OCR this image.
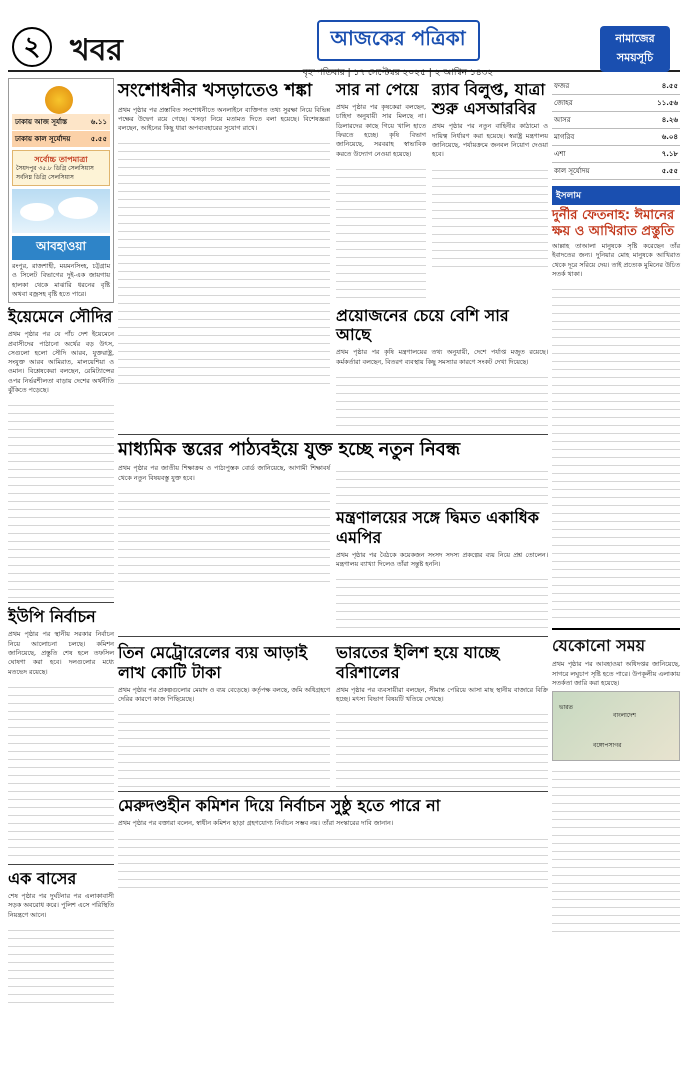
২ খবর	আজকের পত্রিকা
বৃহস্পতিবার | ১৭ সেপ্টেম্বর ২০২৫ | ২ আশ্বিন ১৪৩২
নামাজের সময়সূচি
ঢাকায় আজ সূর্যাস্ত	৬.১১
ঢাকায় কাল সূর্যোদয়	৫.৫৫
সর্বোচ্চ তাপমাত্রা
সৈয়দপুর ৩৫.৮ ডিগ্রি সেলসিয়াস
সর্বনিম্ন ডিগ্রি সেলসিয়াস
আবহাওয়া
রংপুর, রাজশাহী, ময়মনসিংহ, চট্টগ্রাম ও সিলেট বিভাগের দুই-এক জায়গায় হালকা থেকে মাঝারি ধরনের বৃষ্টি অথবা বজ্রসহ বৃষ্টি হতে পারে।
ইয়েমেনে সৌদির
প্রথম পৃষ্ঠার পর যে পাঁচ দেশ ইয়েমেনে প্রবাসীদের পাঠানো অর্থের বড় উৎস, সেগুলো হলো সৌদি আরব, যুক্তরাষ্ট্র, সংযুক্ত আরব আমিরাত, মালয়েশিয়া ও ওমান। বিশ্লেষকেরা বলছেন, রেমিট্যান্সের ওপর নির্ভরশীলতা বাড়ায় দেশের অর্থনীতি ঝুঁকিতে পড়েছে।
ইউপি নির্বাচন
প্রথম পৃষ্ঠার পর স্থানীয় সরকার নির্বাচন নিয়ে আলোচনা চলছে। কমিশন জানিয়েছে, প্রস্তুতি শেষ হলে তফসিল ঘোষণা করা হবে। দলগুলোর মধ্যে মতভেদ রয়েছে।
এক বাসের
শেষ পৃষ্ঠার পর দুর্ঘটনার পর এলাকাবাসী সড়ক অবরোধ করে। পুলিশ এসে পরিস্থিতি নিয়ন্ত্রণে আনে।
সংশোধনীর খসড়াতেও শঙ্কা
প্রথম পৃষ্ঠার পর প্রস্তাবিত সংশোধনীতে অনলাইনে ব্যক্তিগত তথ্য সুরক্ষা নিয়ে বিভিন্ন পক্ষের উদ্বেগ রয়ে গেছে। খসড়া নিয়ে মতামত দিতে বলা হয়েছে। বিশেষজ্ঞরা বলছেন, আইনের কিছু ধারা অপব্যবহারের সুযোগ রাখে।
সার না পেয়ে
প্রথম পৃষ্ঠার পর কৃষকেরা বলছেন, চাহিদা অনুযায়ী সার মিলছে না। ডিলারদের কাছে গিয়ে খালি হাতে ফিরতে হচ্ছে। কৃষি বিভাগ জানিয়েছে, সরবরাহ স্বাভাবিক করতে উদ্যোগ নেওয়া হয়েছে।
র‌্যাব বিলুপ্ত, যাত্রা শুরু এসআরবির
প্রথম পৃষ্ঠার পর নতুন বাহিনীর কাঠামো ও দায়িত্ব নির্ধারণ করা হয়েছে। স্বরাষ্ট্র মন্ত্রণালয় জানিয়েছে, পর্যায়ক্রমে জনবল নিয়োগ দেওয়া হবে।
প্রয়োজনের চেয়ে বেশি সার আছে
প্রথম পৃষ্ঠার পর কৃষি মন্ত্রণালয়ের তথ্য অনুযায়ী, দেশে পর্যাপ্ত মজুত রয়েছে। কর্মকর্তারা বলছেন, বিতরণ ব্যবস্থায় কিছু সমস্যার কারণে সংকট দেখা দিয়েছে।
মাধ্যমিক স্তরের পাঠ্যবইয়ে যুক্ত হচ্ছে নতুন নিবন্ধ
প্রথম পৃষ্ঠার পর জাতীয় শিক্ষাক্রম ও পাঠ্যপুস্তক বোর্ড জানিয়েছে, আগামী শিক্ষাবর্ষ থেকে নতুন বিষয়বস্তু যুক্ত হবে।
মন্ত্রণালয়ের সঙ্গে দ্বিমত একাধিক এমপির
প্রথম পৃষ্ঠার পর বৈঠকে কয়েকজন সংসদ সদস্য প্রকল্পের ব্যয় নিয়ে প্রশ্ন তোলেন। মন্ত্রণালয় ব্যাখ্যা দিলেও তাঁরা সন্তুষ্ট হননি।
তিন মেট্রোরেলের ব্যয় আড়াই লাখ কোটি টাকা
প্রথম পৃষ্ঠার পর প্রকল্পগুলোর মেয়াদ ও ব্যয় বেড়েছে। কর্তৃপক্ষ বলছে, জমি অধিগ্রহণে দেরির কারণে কাজ পিছিয়েছে।
ভারতের ইলিশ হয়ে যাচ্ছে বরিশালের
প্রথম পৃষ্ঠার পর ব্যবসায়ীরা বলছেন, সীমান্ত পেরিয়ে আসা মাছ স্থানীয় বাজারে বিক্রি হচ্ছে। মৎস্য বিভাগ বিষয়টি খতিয়ে দেখছে।
মেরুদণ্ডহীন কমিশন দিয়ে নির্বাচন সুষ্ঠু হতে পারে না
প্রথম পৃষ্ঠার পর বক্তারা বলেন, স্বাধীন কমিশন ছাড়া গ্রহণযোগ্য নির্বাচন সম্ভব নয়। তাঁরা সংস্কারের দাবি জানান।
ফজর	৪.৫৫
জোহর	১১.৫৬
আসর	৪.২৬
মাগরিব	৬.০৪
এশা	৭.১৮
কাল সূর্যোদয়	৫.৫৫
ইসলাম
দুর্নীর ফেতনাহ: ঈমানের ক্ষয় ও আখিরাত প্রস্তুতি
আল্লাহ তাআলা মানুষকে সৃষ্টি করেছেন তাঁর ইবাদতের জন্য। দুনিয়ার মোহ মানুষকে আখিরাত থেকে দূরে সরিয়ে দেয়। তাই প্রত্যেক মুমিনের উচিত সতর্ক থাকা।
যেকোনো সময়
প্রথম পৃষ্ঠার পর আবহাওয়া অধিদপ্তর জানিয়েছে, সাগরে লঘুচাপ সৃষ্টি হতে পারে। উপকূলীয় এলাকায় সতর্কতা জারি করা হয়েছে।
বঙ্গোপসাগর
ভারত
বাংলাদেশ
